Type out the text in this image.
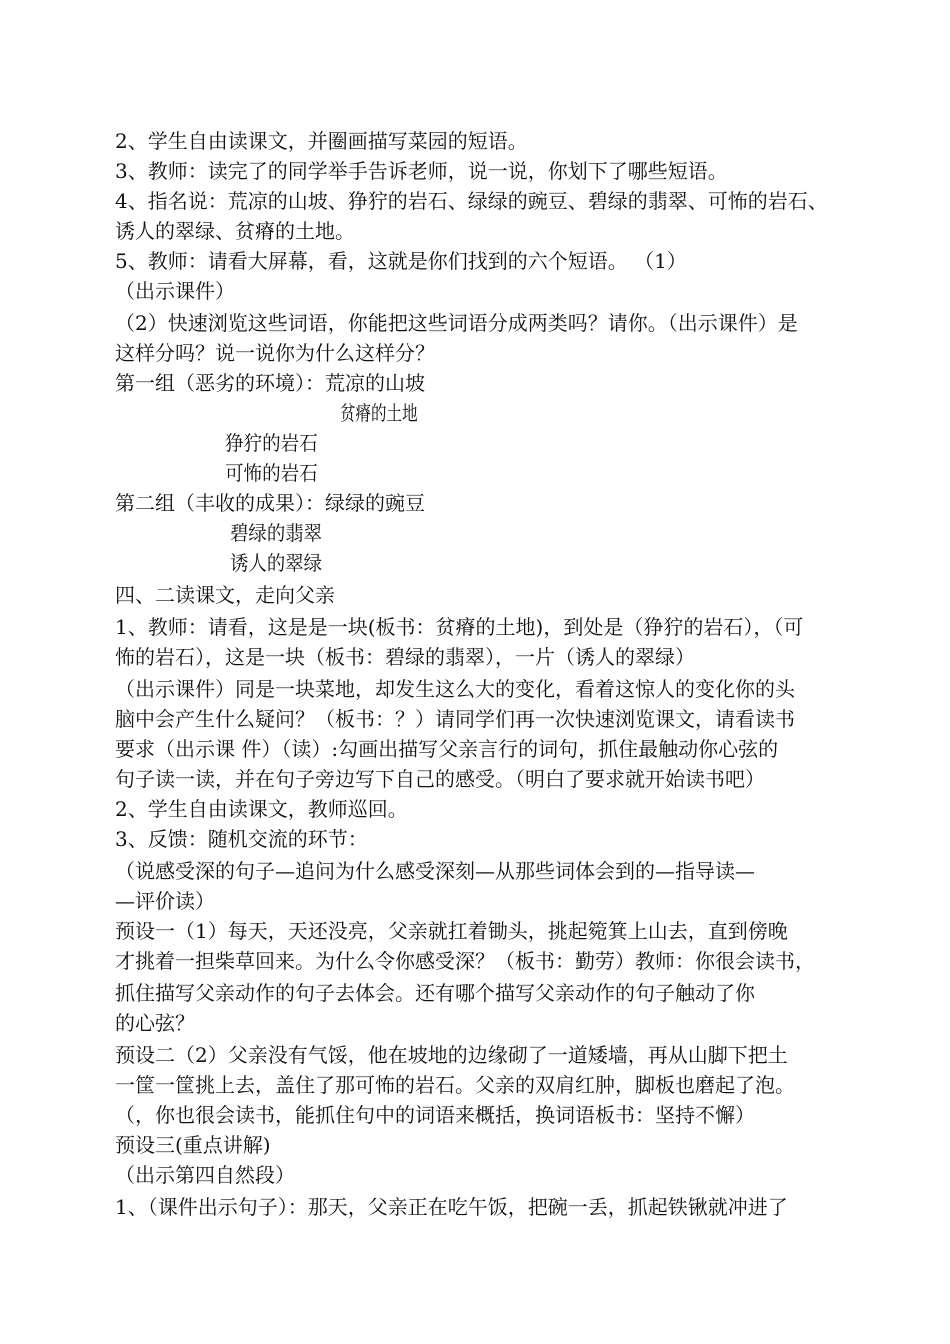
2、学生自由读课文，并圈画描写菜园的短语。
3、教师：读完了的同学举手告诉老师，说一说，你划下了哪些短语。
4、指名说：荒凉的山坡、狰狞的岩石、绿绿的豌豆、碧绿的翡翠、可怖的岩石、
诱人的翠绿、贫瘠的土地。
5、教师：请看大屏幕，看，这就是你们找到的六个短语。 （1）
（出示课件）
（2）快速浏览这些词语，你能把这些词语分成两类吗？请你。（出示课件）是
这样分吗？说一说你为什么这样分？
第一组（恶劣的环境）：荒凉的山坡
贫瘠的土地
狰狞的岩石
可怖的岩石
第二组（丰收的成果）：绿绿的豌豆
碧绿的翡翠
诱人的翠绿
四、二读课文，走向父亲
1、教师：请看，这是是一块(板书：贫瘠的土地)，到处是（狰狞的岩石），（可
怖的岩石），这是一块（板书：碧绿的翡翠），一片（诱人的翠绿）
（出示课件）同是一块菜地，却发生这么大的变化，看着这惊人的变化你的头
脑中会产生什么疑问？（板书：？）请同学们再一次快速浏览课文，请看读书
要求（出示课 件）（读）:勾画出描写父亲言行的词句，抓住最触动你心弦的
句子读一读，并在句子旁边写下自己的感受。（明白了要求就开始读书吧）
2、学生自由读课文，教师巡回。
3、反馈：随机交流的环节：
（说感受深的句子—追问为什么感受深刻—从那些词体会到的—指导读—
—评价读）
预设一（1）每天，天还没亮，父亲就扛着锄头，挑起箢箕上山去，直到傍晚
才挑着一担柴草回来。为什么令你感受深？（板书：勤劳）教师：你很会读书，
抓住描写父亲动作的句子去体会。还有哪个描写父亲动作的句子触动了你
的心弦？
预设二（2）父亲没有气馁，他在坡地的边缘砌了一道矮墙，再从山脚下把土
一筐一筐挑上去，盖住了那可怖的岩石。父亲的双肩红肿，脚板也磨起了泡。
（，你也很会读书，能抓住句中的词语来概括，换词语板书：坚持不懈）
预设三(重点讲解)
（出示第四自然段）
1、（课件出示句子）：那天，父亲正在吃午饭，把碗一丢，抓起铁锹就冲进了
